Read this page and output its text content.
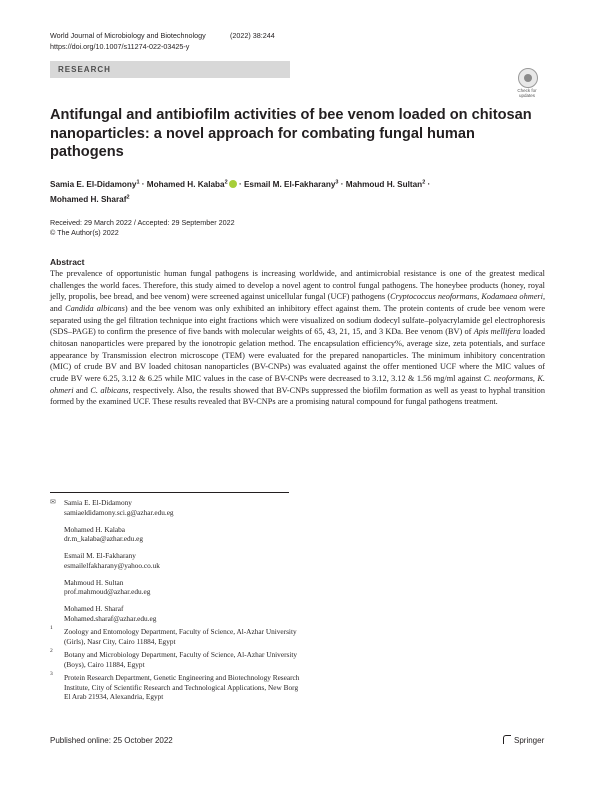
World Journal of Microbiology and Biotechnology
https://doi.org/10.1007/s11274-022-03425-y
(2022) 38:244
RESEARCH
Check for
updates
Antifungal and antibiofilm activities of bee venom loaded on chitosan nanoparticles: a novel approach for combating fungal human pathogens
Samia E. El-Didamony$^1$ · Mohamed H. Kalaba$^2$ · Esmail M. El-Fakharany$^3$ · Mahmoud H. Sultan$^2$ ·
Mohamed H. Sharaf$^2$
Received: 29 March 2022 / Accepted: 29 September 2022
© The Author(s) 2022
Abstract
The prevalence of opportunistic human fungal pathogens is increasing worldwide, and antimicrobial resistance is one of the greatest medical challenges the world faces. Therefore, this study aimed to develop a novel agent to control fungal pathogens. The honeybee products (honey, royal jelly, propolis, bee bread, and bee venom) were screened against unicellular fungal (UCF) pathogens (Cryptococcus neoformans, Kodamaea ohmeri, and Candida albicans) and the bee venom was only exhibited an inhibitory effect against them. The protein contents of crude bee venom were separated using the gel filtration technique into eight fractions which were visualized on sodium dodecyl sulfate–polyacrylamide gel electrophoresis (SDS–PAGE) to confirm the presence of five bands with molecular weights of 65, 43, 21, 15, and 3 KDa. Bee venom (BV) of Apis mellifera loaded chitosan nanoparticles were prepared by the ionotropic gelation method. The encapsulation efficiency%, average size, zeta potentials, and surface appearance by Transmission electron microscope (TEM) were evaluated for the prepared nanoparticles. The minimum inhibitory concentration (MIC) of crude BV and BV loaded chitosan nanoparticles (BV-CNPs) was evaluated against the offer mentioned UCF where the MIC values of crude BV were 6.25, 3.12 & 6.25 while MIC values in the case of BV-CNPs were decreased to 3.12, 3.12 & 1.56 mg/ml against C. neoformans, K. ohmeri and C. albicans, respectively. Also, the results showed that BV-CNPs suppressed the biofilm formation as well as yeast to hyphal transition formed by the examined UCF. These results revealed that BV-CNPs are a promising natural compound for fungal pathogens treatment.
✉ Samia E. El-Didamony
samiaeldidamony.sci.g@azhar.edu.eg
Mohamed H. Kalaba
dr.m_kalaba@azhar.edu.eg
Esmail M. El-Fakharany
esmailelfakharany@yahoo.co.uk
Mahmoud H. Sultan
prof.mahmoud@azhar.edu.eg
Mohamed H. Sharaf
Mohamed.sharaf@azhar.edu.eg
1 Zoology and Entomology Department, Faculty of Science, Al-Azhar University (Girls), Nasr City, Cairo 11884, Egypt
2 Botany and Microbiology Department, Faculty of Science, Al-Azhar University (Boys), Cairo 11884, Egypt
3 Protein Research Department, Genetic Engineering and Biotechnology Research Institute, City of Scientific Research and Technological Applications, New Borg El Arab 21934, Alexandria, Egypt
Published online: 25 October 2022	Springer
